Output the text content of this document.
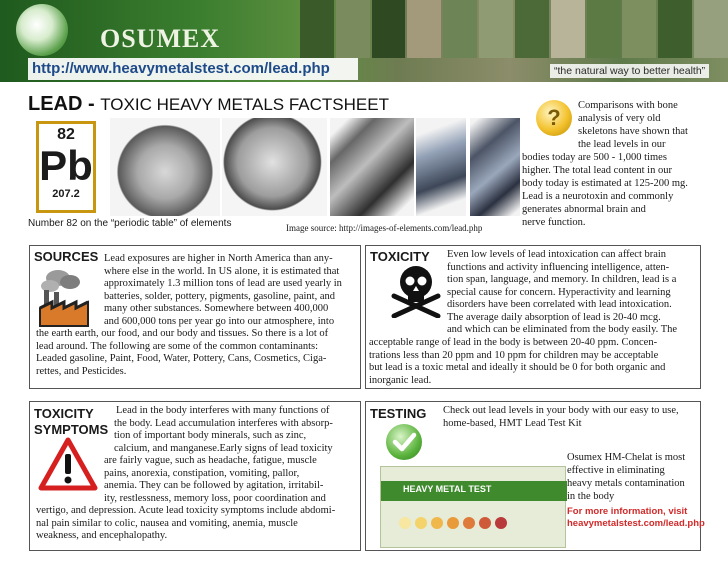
OSUMEX
http://www.heavymetalstest.com/lead.php	“the natural way to better health”
LEAD - TOXIC HEAVY METALS FACTSHEET
82
Pb
207.2
Number 82 on the “periodic table” of elements	Image source: http://images-of-elements.com/lead.php
?	Comparisons with bone
analysis of very old
skeletons have shown that
the lead levels in our
bodies today are 500 - 1,000 times
higher. The total lead content in our
body today is estimated at 125-200 mg.
Lead is a neurotoxin and commonly
generates abnormal brain and
nerve function.
SOURCES Lead exposures are higher in North America than any-
where else in the world. In US alone, it is estimated that
approximately 1.3 million tons of lead are used yearly in
batteries, solder, pottery, pigments, gasoline, paint, and
many other substances. Somewhere between 400,000
and 600,000 tons per year go into our atmosphere, into
the earth earth, our food, and our body and tissues. So there is a lot of
lead around. The following are some of the common contaminants:
Leaded gasoline, Paint, Food, Water, Pottery, Cans, Cosmetics, Ciga-
rettes, and Pesticides.
TOXICITY Even low levels of lead intoxication can affect brain
functions and activity influencing intelligence, atten-
tion span, language, and memory. In children, lead is a
special cause for concern. Hyperactivity and learning
disorders have been correlated with lead intoxication.
The average daily absorption of lead is 20-40 mcg.
and which can be eliminated from the body easily. The
acceptable range of lead in the body is between 20-40 ppm. Concen-
trations less than 20 ppm and 10 ppm for children may be acceptable
but lead is a toxic metal and ideally it should be 0 for both organic and
inorganic lead.
TOXICITY
SYMPTOMS
Lead in the body interferes with many functions of
the body. Lead accumulation interferes with absorp-
tion of important body minerals, such as zinc,
calcium, and manganese.Early signs of lead toxicity
are fairly vague, such as headache, fatigue, muscle
pains, anorexia, constipation, vomiting, pallor,
anemia. They can be followed by agitation, irritabil-
ity, restlessness, memory loss, poor coordination and
vertigo, and depression. Acute lead toxicity symptoms include abdomi-
nal pain similar to colic, nausea and vomiting, anemia, muscle
weakness, and encephalopathy.
TESTING Check out lead levels in your body with our easy to use,
home-based, HMT Lead Test Kit
HEAVY METAL TEST
Osumex HM-Chelat is most
effective in eliminating
heavy metals contamination
in the body
For more information, visit
heavymetalstest.com/lead.php
